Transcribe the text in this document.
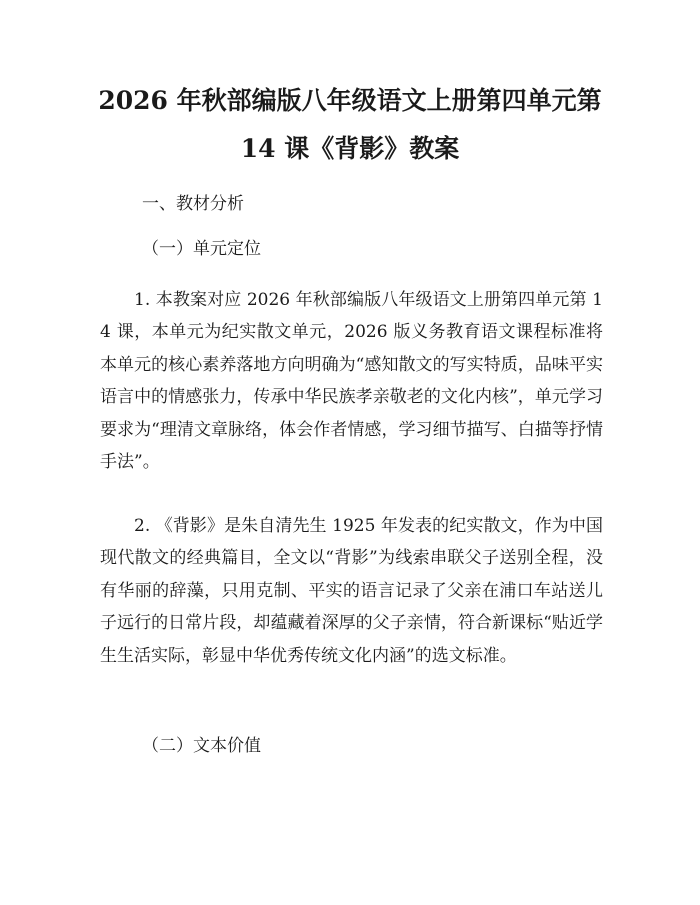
2026 年秋部编版八年级语文上册第四单元第
14 课《背影》教案
一、教材分析
（一）单元定位

1. 本教案对应 2026 年秋部编版八年级语文上册第四单元第 14 课，本单元为纪实散文单元，2026 版义务教育语文课程标准将本单元的核心素养落地方向明确为“感知散文的写实特质，品味平实语言中的情感张力，传承中华民族孝亲敬老的文化内核”，单元学习要求为“理清文章脉络，体会作者情感，学习细节描写、白描等抒情手法”。

2. 《背影》是朱自清先生 1925 年发表的纪实散文，作为中国现代散文的经典篇目，全文以“背影”为线索串联父子送别全程，没有华丽的辞藻，只用克制、平实的语言记录了父亲在浦口车站送儿子远行的日常片段，却蕴藏着深厚的父子亲情，符合新课标“贴近学生生活实际，彰显中华优秀传统文化内涵”的选文标准。

（二）文本价值
